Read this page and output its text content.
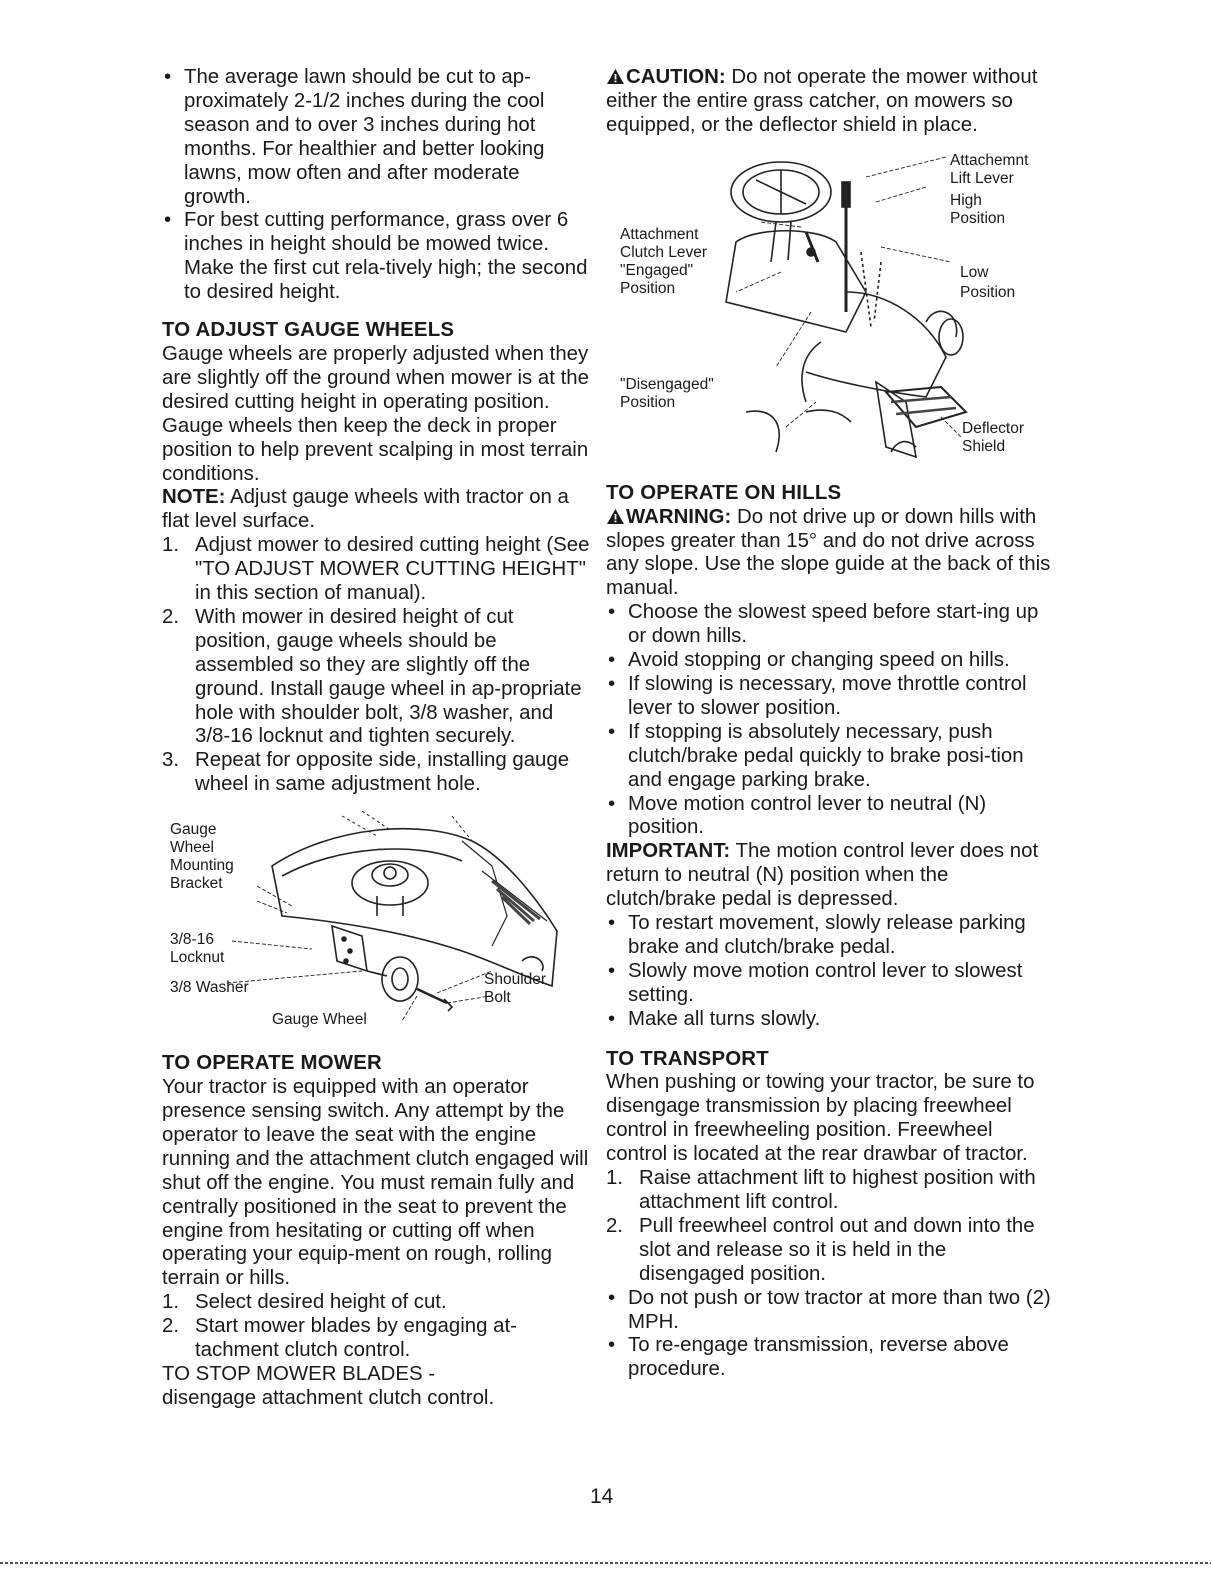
• The average lawn should be cut to ap-proximately 2-1/2 inches during the cool season and to over 3 inches during hot months. For healthier and better looking lawns, mow often and after moderate growth.
• For best cutting performance, grass over 6 inches in height should be mowed twice. Make the first cut rela-tively high; the second to desired height.
TO ADJUST GAUGE WHEELS

Gauge wheels are properly adjusted when they are slightly off the ground when mower is at the desired cutting height in operating position. Gauge wheels then keep the deck in proper position to help prevent scalping in most terrain conditions.

NOTE: Adjust gauge wheels with tractor on a flat level surface.

1. Adjust mower to desired cutting height (See "TO ADJUST MOWER CUTTING HEIGHT" in this section of manual).
2. With mower in desired height of cut position, gauge wheels should be assembled so they are slightly off the ground. Install gauge wheel in ap-propriate hole with shoulder bolt, 3/8 washer, and 3/8-16 locknut and tighten securely.
3. Repeat for opposite side, installing gauge wheel in same adjustment hole.
Gauge
Wheel
Mounting
Bracket
3/8-16
Locknut
3/8 Washer	Shoulder
Bolt
Gauge Wheel
TO OPERATE MOWER

Your tractor is equipped with an operator presence sensing switch. Any attempt by the operator to leave the seat with the engine running and the attachment clutch engaged will shut off the engine. You must remain fully and centrally positioned in the seat to prevent the engine from hesitating or cutting off when operating your equip-ment on rough, rolling terrain or hills.

1. Select desired height of cut.
2. Start mower blades by engaging at-tachment clutch control.

TO STOP MOWER BLADES -

disengage attachment clutch control.

CAUTION: Do not operate the mower without either the entire grass catcher, on mowers so equipped, or the deflector shield in place.

Attachemnt
Lift Lever
High
Position
Low
Position
Attachment
Clutch Lever
"Engaged"
Position
"Disengaged"
Position
Deflector
Shield
TO OPERATE ON HILLS

WARNING: Do not drive up or down hills with slopes greater than 15° and do not drive across any slope. Use the slope guide at the back of this manual.

• Choose the slowest speed before start-ing up or down hills.
• Avoid stopping or changing speed on hills.
• If slowing is necessary, move throttle control lever to slower position.
• If stopping is absolutely necessary, push clutch/brake pedal quickly to brake posi-tion and engage parking brake.
• Move motion control lever to neutral (N) position.

IMPORTANT: The motion control lever does not return to neutral (N) position when the clutch/brake pedal is depressed.

• To restart movement, slowly release parking brake and clutch/brake pedal.
• Slowly move motion control lever to slowest setting.
• Make all turns slowly.
TO TRANSPORT

When pushing or towing your tractor, be sure to disengage transmission by placing freewheel control in freewheeling position. Freewheel control is located at the rear drawbar of tractor.

1. Raise attachment lift to highest position with attachment lift control.
2. Pull freewheel control out and down into the slot and release so it is held in the disengaged position.
• Do not push or tow tractor at more than two (2) MPH.
• To re-engage transmission, reverse above procedure.
14
